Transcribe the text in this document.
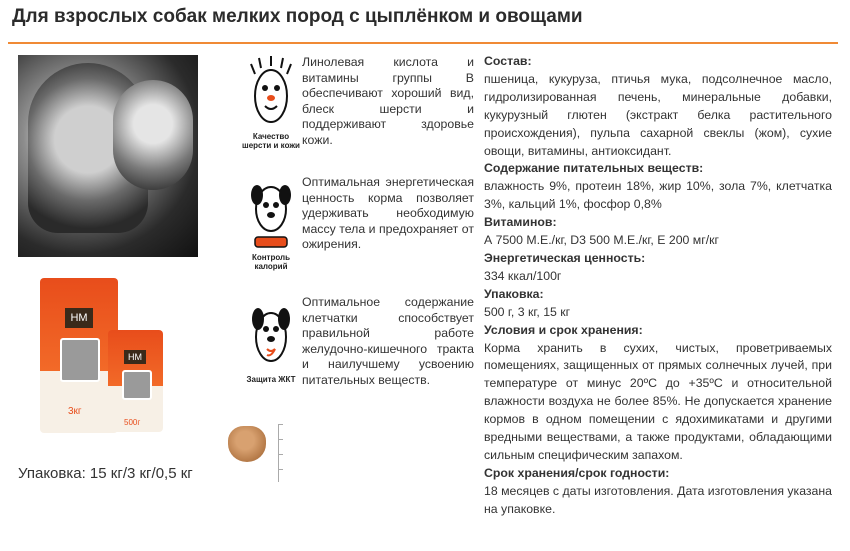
Для взрослых собак мелких пород с цыплёнком и овощами
НМ
3кг
НМ
500г
Упаковка: 15 кг/3 кг/0,5 кг
Качество шерсти и кожи
Контроль калорий
Защита ЖКТ
Линолевая кислота и витамины группы В обеспечивают хороший вид, блеск шерсти и поддерживают здоровье кожи.
Оптимальная энергетическая ценность корма позволяет удерживать необходимую массу тела и предохраняет от ожирения.
Оптимальное содержание клетчатки способствует правильной работе желудочно-кишечного тракта и наилучшему усвоению питательных веществ.
Состав:
пшеница, кукуруза, птичья мука, подсолнечное масло, гидролизированная печень, минеральные добавки, кукурузный глютен (экстракт белка растительного происхождения), пульпа сахарной свеклы (жом), сухие овощи, витамины, антиоксидант.
Содержание питательных веществ:
влажность 9%, протеин 18%, жир 10%, зола 7%, клетчатка 3%, кальций 1%, фосфор 0,8%
Витаминов:
А 7500 М.Е./кг, D3 500 М.Е./кг, Е 200 мг/кг
Энергетическая ценность:
334 ккал/100г
Упаковка:
500 г, 3 кг, 15 кг
Условия и срок хранения:
Корма хранить в сухих, чистых, проветриваемых помещениях, защищенных от прямых солнечных лучей, при температуре от минус 20ºС до +35ºС и относительной влажности воздуха не более 85%. Не допускается хранение кормов в одном помещении с ядохимикатами и другими вредными веществами, а также продуктами, обладающими сильным специфическим запахом.
Срок хранения/срок годности:
18 месяцев с даты изготовления. Дата изготовления указана на упаковке.
